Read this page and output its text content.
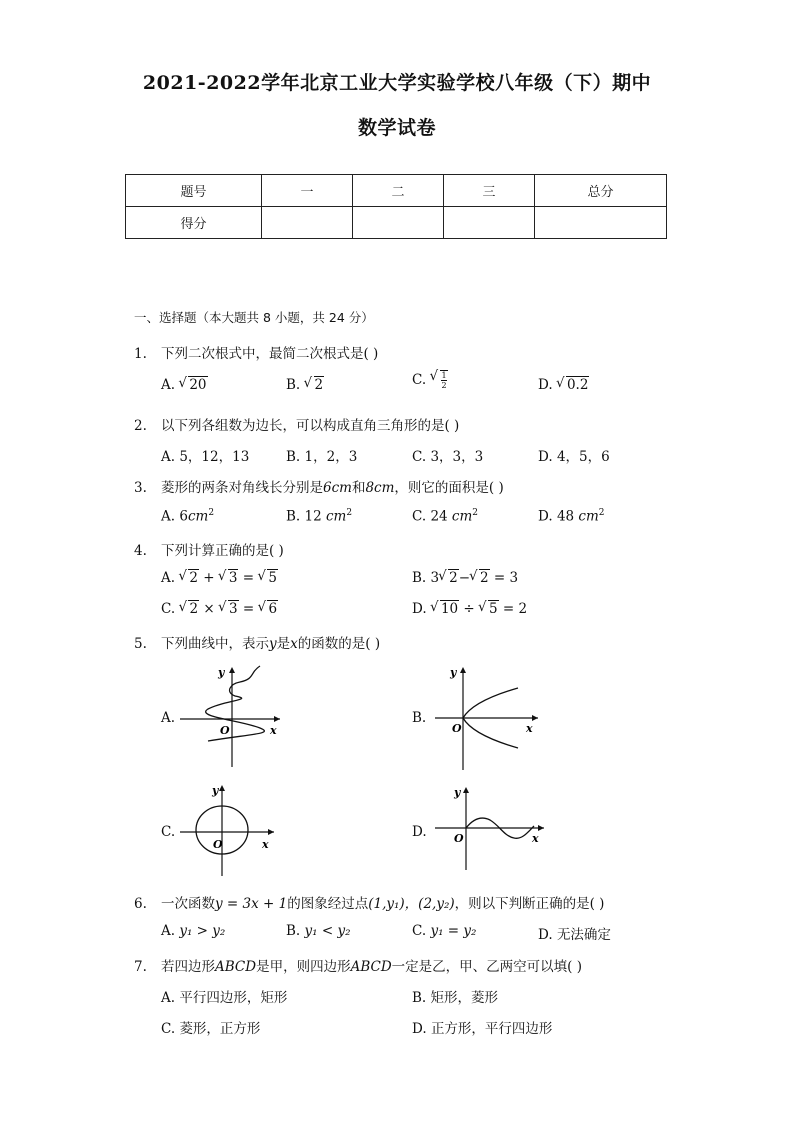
2021-2022学年北京工业大学实验学校八年级（下）期中
数学试卷
题号	一	二	三	总分
得分				
一、选择题（本大题共 8 小题，共 24 分）
1. 下列二次根式中，最简二次根式是( )
A. √ 20	B. √ 2	C. √ $\frac{1}{2}$	D. √ 0.2
2. 以下列各组数为边长，可以构成直角三角形的是( )
A. 5，12，13	B. 1，2，3	C. 3，3，3	D. 4，5，6
3. 菱形的两条对角线长分别是6cm和8cm，则它的面积是( )
A. $6cm^2$	B. 12 $cm^2$	C. 24 $cm^2$	D. 48 $cm^2$
4. 下列计算正确的是( )
A. √ 2 + √ 3 = √ 5	B. 3 √ 2− √ 2 = 3
C. √ 2 × √ 3 = √ 6	D. √ 10 ÷ √ 5 = 2
5. 下列曲线中，表示y是x的函数的是( )
A.
O	x
y
B.
O	x
y
C.
O	x
y
D. O	x
y
6. 一次函数y = 3x + 1的图象经过点(1,y₁)，(2,y₂)，则以下判断正确的是( )
A. y₁ > y₂	B. y₁ < y₂	C. y₁ = y₂	D. 无法确定
7. 若四边形ABCD是甲，则四边形ABCD一定是乙，甲、乙两空可以填( )
A. 平行四边形，矩形	B. 矩形，菱形
C. 菱形，正方形	D. 正方形，平行四边形
